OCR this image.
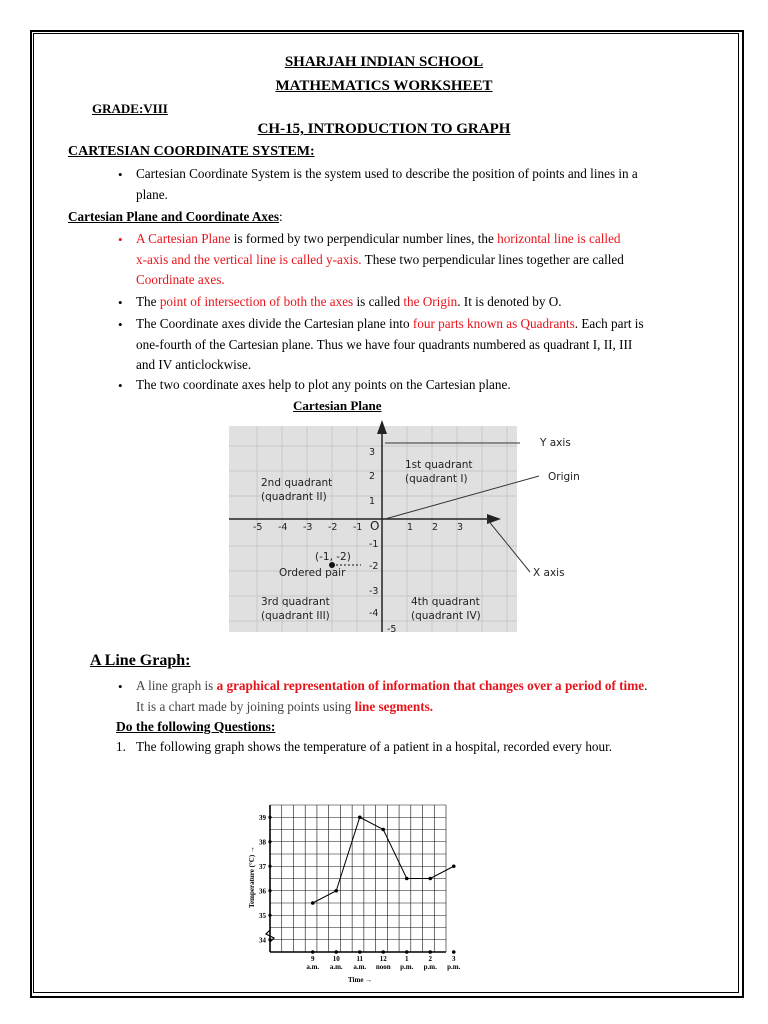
SHARJAH INDIAN SCHOOL
MATHEMATICS WORKSHEET
GRADE:VIII
CH-15, INTRODUCTION TO GRAPH
CARTESIAN COORDINATE SYSTEM:
• Cartesian Coordinate System is the system used to describe the position of points and lines in a
plane.
Cartesian Plane and Coordinate Axes:
• A Cartesian Plane is formed by two perpendicular number lines, the horizontal line is called
x-axis and the vertical line is called y-axis. These two perpendicular lines together are called
Coordinate axes.
• The point of intersection of both the axes is called the Origin. It is denoted by O.
• The Coordinate axes divide the Cartesian plane into four parts known as Quadrants. Each part is
one-fourth of the Cartesian plane. Thus we have four quadrants numbered as quadrant I, II, III
and IV anticlockwise.
• The two coordinate axes help to plot any points on the Cartesian plane.
Cartesian Plane
Y axis
Origin
X axis
1st quadrant
(quadrant I)
2nd quadrant
(quadrant II)
3rd quadrant
(quadrant III)
4th quadrant
(quadrant IV)
(-1, -2)
Ordered pair
O
-5 -4 -3 -2 -1	1 2 3
3
2
1
-1
-2
-3
-4
-5
A Line Graph:
• A line graph is a graphical representation of information that changes over a period of time.
It is a chart made by joining points using line segments.
Do the following Questions:
1. The following graph shows the temperature of a patient in a hospital, recorded every hour.
34
35
36
37
38
39
9
a.m.
10
a.m.
11
a.m.
12
noon
1
p.m.
2
p.m.
3
p.m.
Temperature (°C) →
Time →
